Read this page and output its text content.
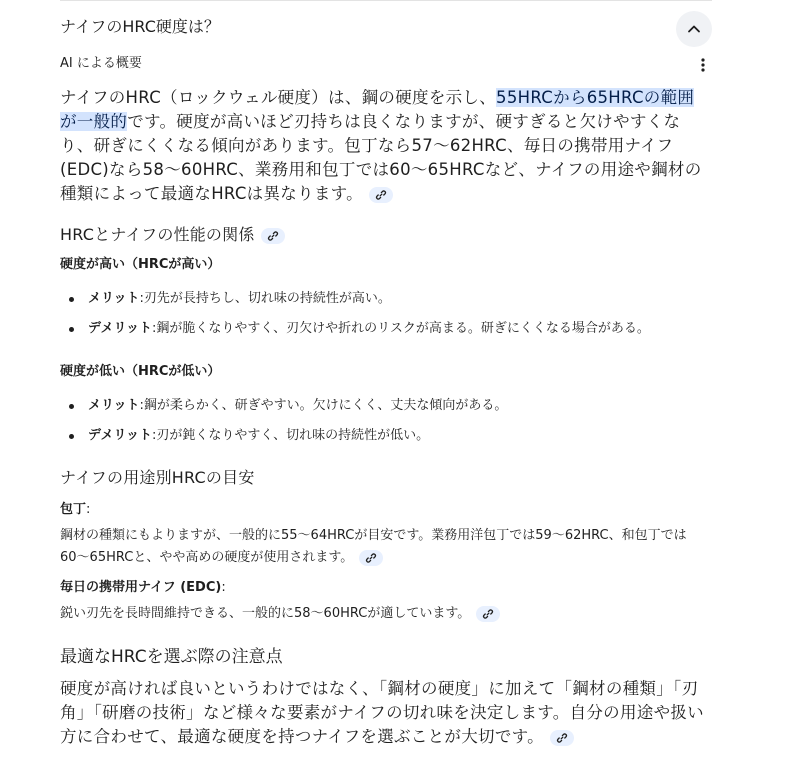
ナイフのHRC硬度は？
AI による概要

ナイフのHRC（ロックウェル硬度）は、鋼の硬度を示し、55HRCから65HRCの範囲が一般的です。硬度が高いほど刃持ちは良くなりますが、硬すぎると欠けやすくなり、研ぎにくくなる傾向があります。包丁なら57〜62HRC、毎日の携帯用ナイフ(EDC)なら58〜60HRC、業務用和包丁では60〜65HRCなど、ナイフの用途や鋼材の種類によって最適なHRCは異なります。

HRCとナイフの性能の関係

硬度が高い（HRCが高い）

メリット:刃先が長持ちし、切れ味の持続性が高い。
デメリット:鋼が脆くなりやすく、刃欠けや折れのリスクが高まる。研ぎにくくなる場合がある。

硬度が低い（HRCが低い）

メリット:鋼が柔らかく、研ぎやすい。欠けにくく、丈夫な傾向がある。
デメリット:刃が鈍くなりやすく、切れ味の持続性が低い。

ナイフの用途別HRCの目安

包丁:

鋼材の種類にもよりますが、一般的に55〜64HRCが目安です。業務用洋包丁では59〜62HRC、和包丁では60〜65HRCと、やや高めの硬度が使用されます。

毎日の携帯用ナイフ (EDC):

鋭い刃先を長時間維持できる、一般的に58〜60HRCが適しています。

最適なHRCを選ぶ際の注意点

硬度が高ければ良いというわけではなく、「鋼材の硬度」に加えて「鋼材の種類」「刃角」「研磨の技術」など様々な要素がナイフの切れ味を決定します。自分の用途や扱い方に合わせて、最適な硬度を持つナイフを選ぶことが大切です。
